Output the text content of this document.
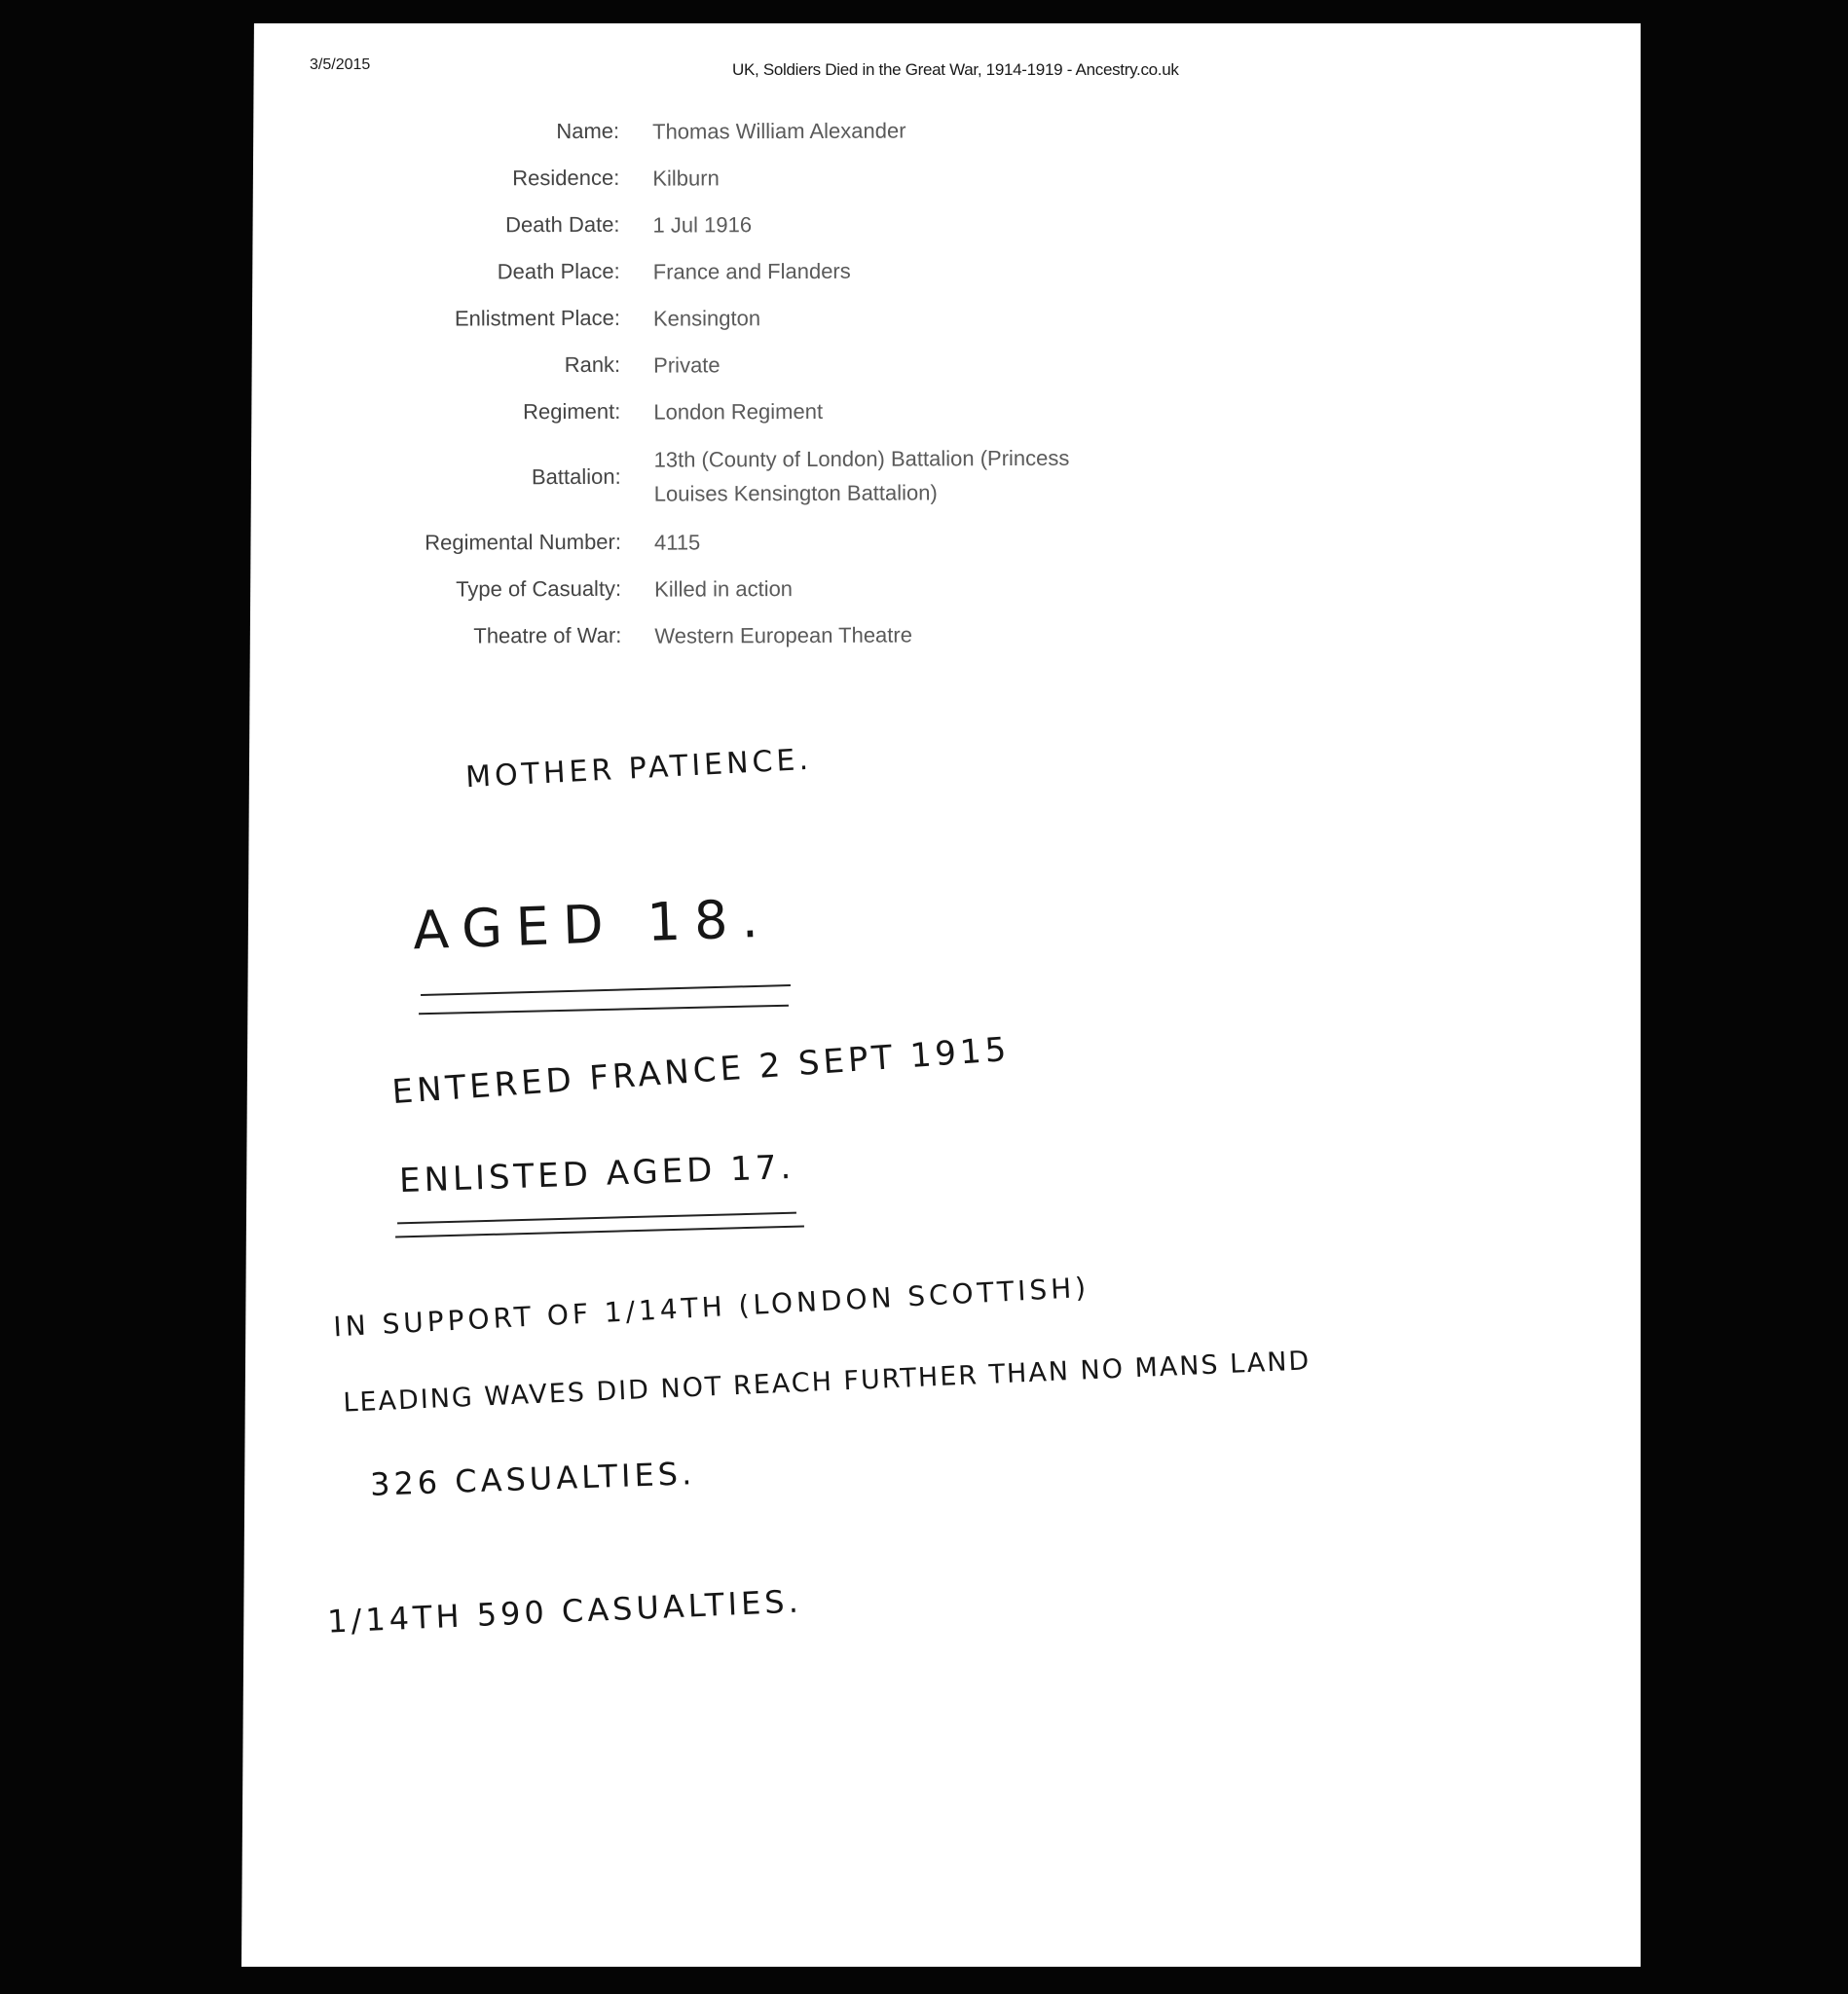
3/5/2015	UK, Soldiers Died in the Great War, 1914-1919 - Ancestry.co.uk
Name:	Thomas William Alexander
Residence:	Kilburn
Death Date:	1 Jul 1916
Death Place:	France and Flanders
Enlistment Place:	Kensington
Rank:	Private
Regiment:	London Regiment
Battalion:
13th (County of London) Battalion (Princess
Louises Kensington Battalion)
Regimental Number:	4115
Type of Casualty:	Killed in action
Theatre of War:	Western European Theatre
MOTHER PATIENCE.
AGED 18.
ENTERED FRANCE 2 SEPT 1915
ENLISTED AGED 17.
IN SUPPORT OF 1/14TH (LONDON SCOTTISH)
LEADING WAVES DID NOT REACH FURTHER THAN NO MANS LAND
326 CASUALTIES.
1/14TH 590 CASUALTIES.
